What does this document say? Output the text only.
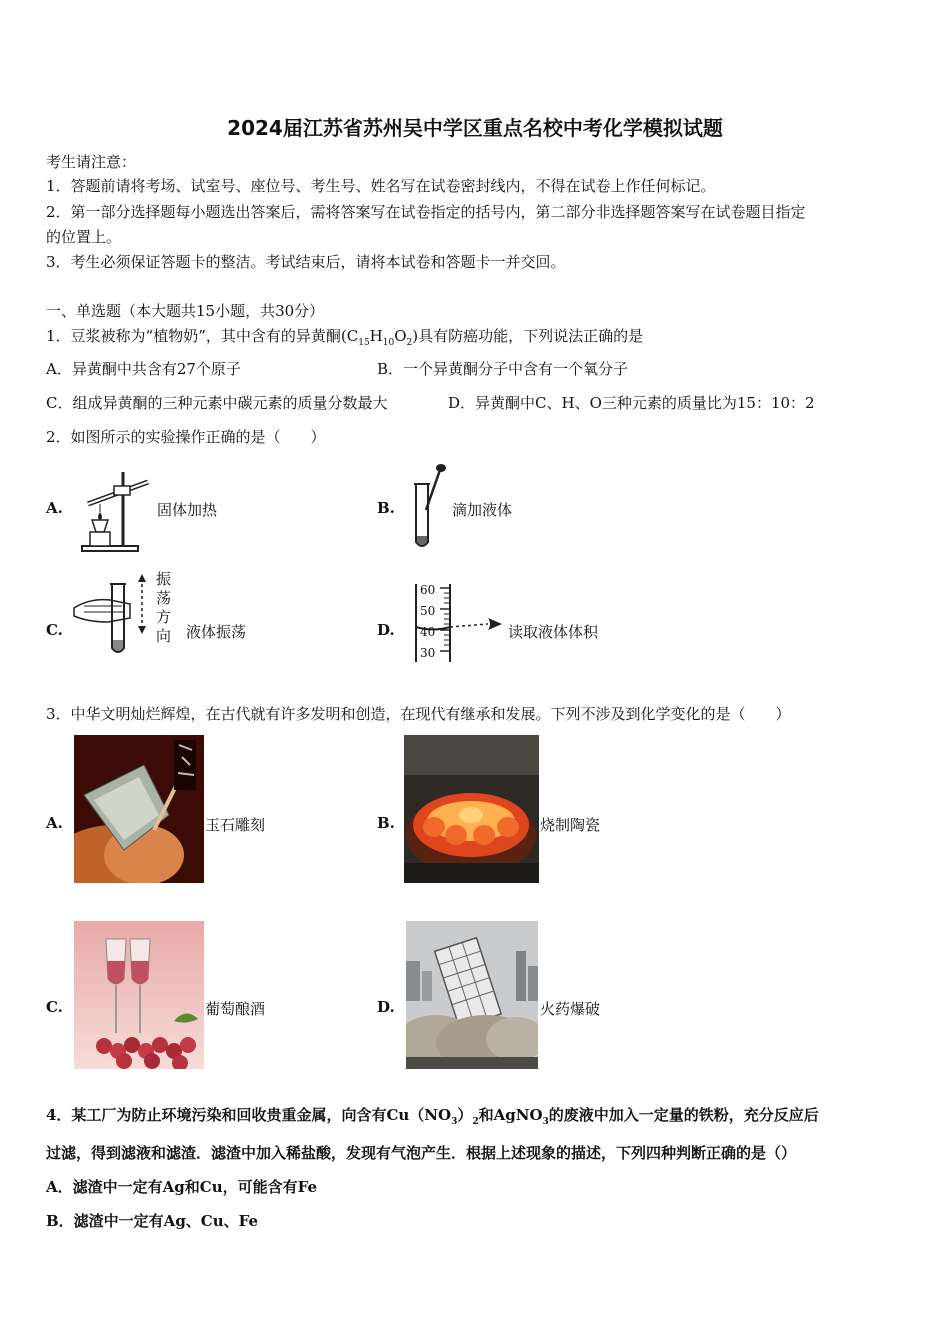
2024届江苏省苏州吴中学区重点名校中考化学模拟试题
考生请注意：
1．答题前请将考场、试室号、座位号、考生号、姓名写在试卷密封线内，不得在试卷上作任何标记。
2．第一部分选择题每小题选出答案后，需将答案写在试卷指定的括号内，第二部分非选择题答案写在试卷题目指定
的位置上。
3．考生必须保证答题卡的整洁。考试结束后，请将本试卷和答题卡一并交回。
一、单选题（本大题共15小题，共30分）
1．豆浆被称为“植物奶”，其中含有的异黄酮$(C_{15}H_{10}O_2)$具有防癌功能，下列说法正确的是
A．异黄酮中共含有27个原子	B．一个异黄酮分子中含有一个氧分子
C．组成异黄酮的三种元素中碳元素的质量分数最大	D．异黄酮中C、H、O三种元素的质量比为15：10：2
2．如图所示的实验操作正确的是（　　）
A.	固体加热	B.	滴加液体
C.
振
荡
方
向 液体振荡	D.
60
50
40
30
读取液体体积
3．中华文明灿烂辉煌，在古代就有许多发明和创造，在现代有继承和发展。下列不涉及到化学变化的是（　　）
A.	玉石雕刻	B.	烧制陶瓷
C.	葡萄酿酒	D.	火药爆破
4．某工厂为防止环境污染和回收贵重金属，向含有$Cu(NO_3)_2$和AgNO$_3$的废液中加入一定量的铁粉，充分反应后
过滤，得到滤液和滤渣．滤渣中加入稀盐酸，发现有气泡产生．根据上述现象的描述，下列四种判断正确的是（）
A．滤渣中一定有Ag和Cu，可能含有Fe
B．滤渣中一定有Ag、Cu、Fe
